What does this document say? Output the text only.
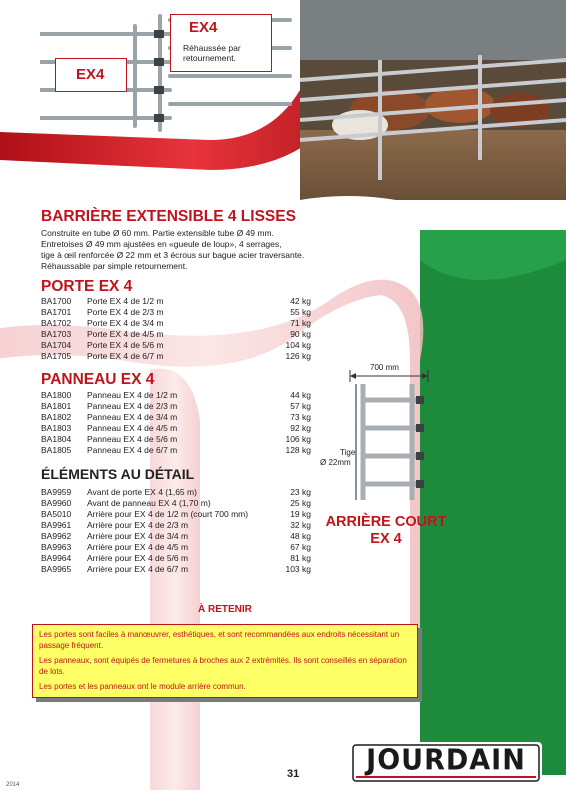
EX4
EX4
Réhaussée par retournement.
BARRIÈRE EXTENSIBLE 4 LISSES
Construite en tube Ø 60 mm. Partie extensible tube Ø 49 mm.
Entretoises Ø 49 mm ajustées en «gueule de loup», 4 serrages,
tige à œil renforcée Ø 22 mm et 3 écrous sur bague acier traversante.
Réhaussable par simple retournement.
PORTE EX 4
BA1700 Porte EX 4 de 1/2 m	42 kg
BA1701 Porte EX 4 de 2/3 m	55 kg
BA1702 Porte EX 4 de 3/4 m	71 kg
BA1703 Porte EX 4 de 4/5 m	90 kg
BA1704 Porte EX 4 de 5/6 m	104 kg
BA1705 Porte EX 4 de 6/7 m	126 kg
PANNEAU EX 4
BA1800 Panneau EX 4 de 1/2 m	44 kg
BA1801 Panneau EX 4 de 2/3 m	57 kg
BA1802 Panneau EX 4 de 3/4 m	73 kg
BA1803 Panneau EX 4 de 4/5 m	92 kg
BA1804 Panneau EX 4 de 5/6 m	106 kg
BA1805 Panneau EX 4 de 6/7 m	128 kg
ÉLÉMENTS AU DÉTAIL
BA9959 Avant de porte EX 4 (1,65 m)	23 kg
BA9960 Avant de panneau EX 4 (1,70 m)	25 kg
BA5010 Arrière pour EX 4 de 1/2 m (court 700 mm)	19 kg
BA9961 Arrière pour EX 4 de 2/3 m	32 kg
BA9962 Arrière pour EX 4 de 3/4 m	48 kg
BA9963 Arrière pour EX 4 de 4/5 m	67 kg
BA9964 Arrière pour EX 4 de 5/6 m	81 kg
BA9965 Arrière pour EX 4 de 6/7 m	103 kg
700 mm
Tige
Ø 22mm
ARRIÈRE COURT
EX 4
À RETENIR

Les portes sont faciles à manœuvrer, esthétiques, et sont recommandées aux endroits nécessitant un passage fréquent.

Les panneaux, sont équipés de fermetures à broches aux 2 extrémités. Ils sont conseillés en séparation de lots.

Les portes et les panneaux ont le module arrière commun.

31
2014
JOURDAIN
